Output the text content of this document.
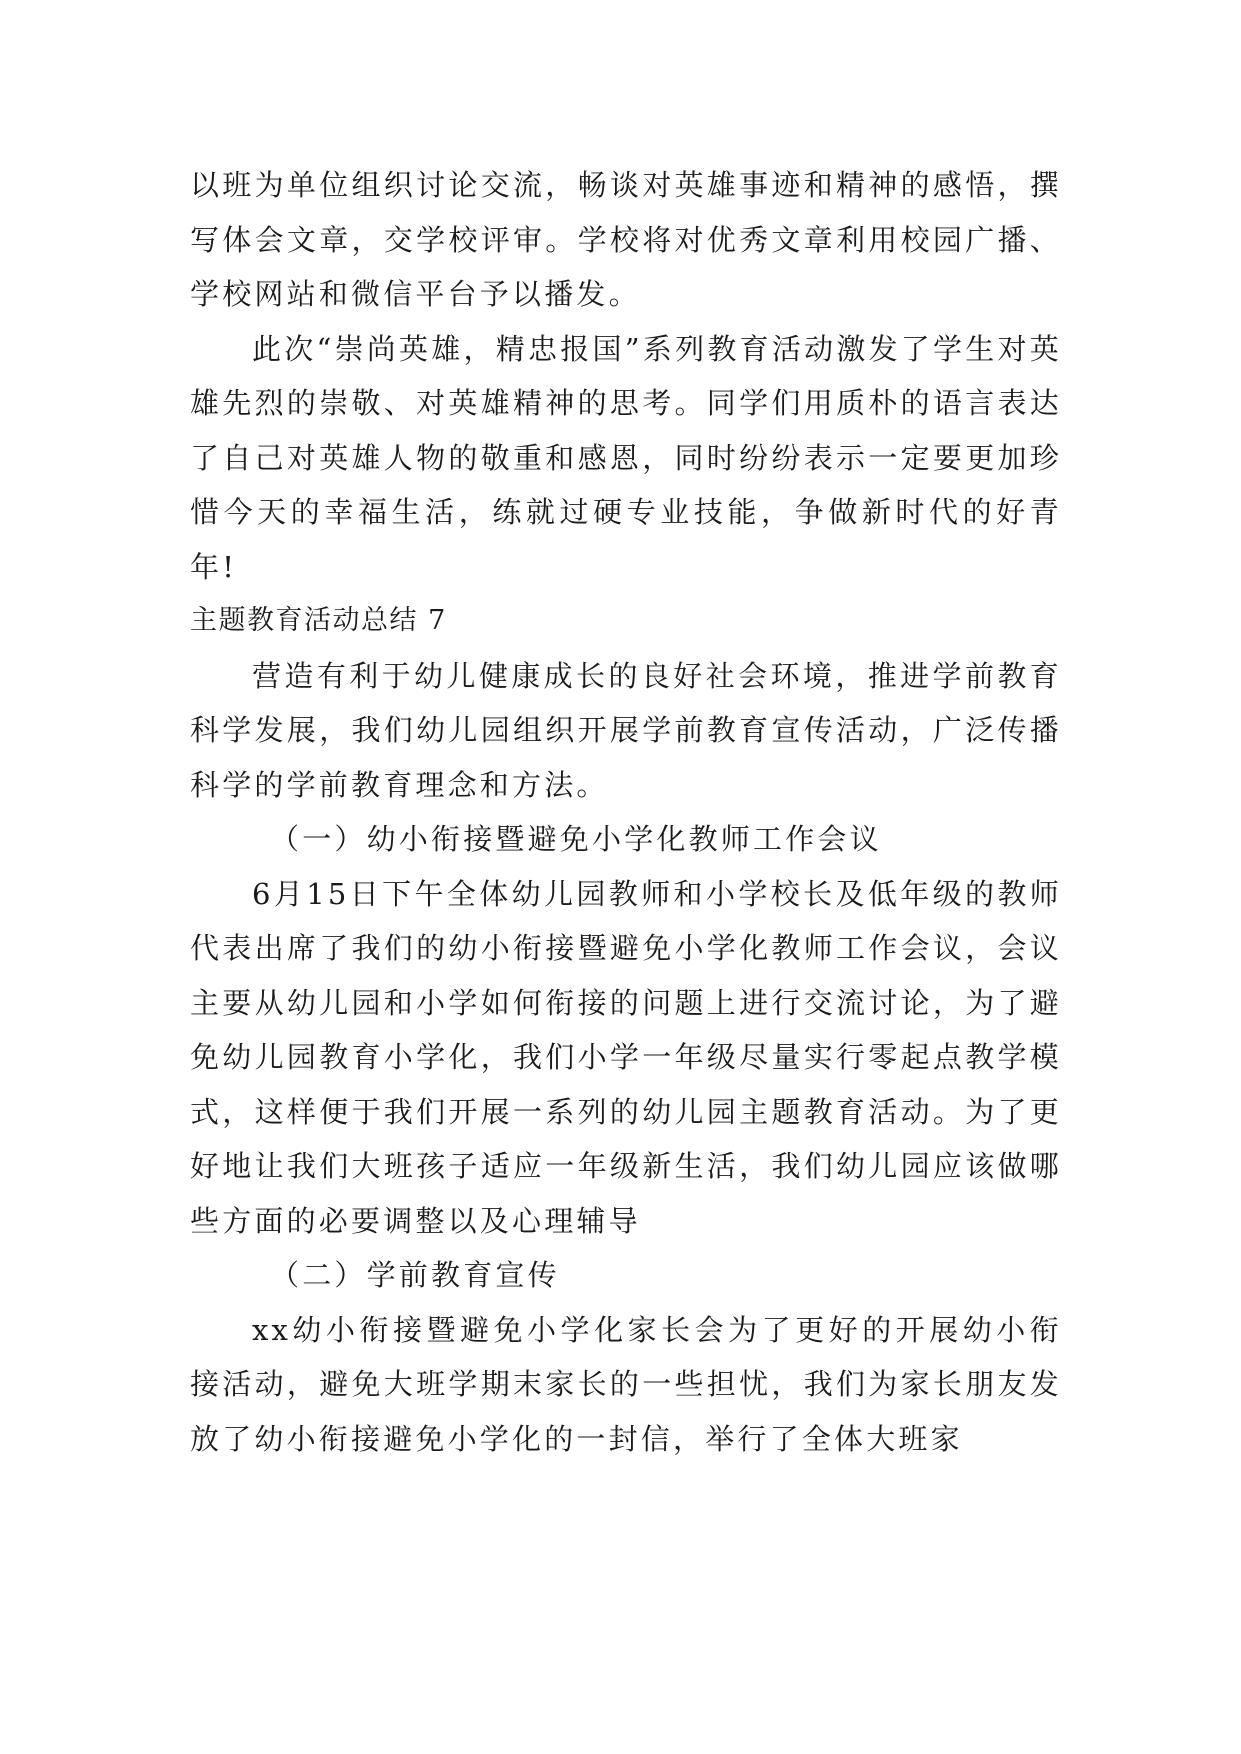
以班为单位组织讨论交流，畅谈对英雄事迹和精神的感悟，撰写体会文章，交学校评审。学校将对优秀文章利用校园广播、学校网站和微信平台予以播发。

此次“崇尚英雄，精忠报国”系列教育活动激发了学生对英雄先烈的崇敬、对英雄精神的思考。同学们用质朴的语言表达了自己对英雄人物的敬重和感恩，同时纷纷表示一定要更加珍惜今天的幸福生活，练就过硬专业技能，争做新时代的好青年!

主题教育活动总结 7

营造有利于幼儿健康成长的良好社会环境，推进学前教育科学发展，我们幼儿园组织开展学前教育宣传活动，广泛传播科学的学前教育理念和方法。

（一）幼小衔接暨避免小学化教师工作会议

6月15日下午全体幼儿园教师和小学校长及低年级的教师代表出席了我们的幼小衔接暨避免小学化教师工作会议，会议主要从幼儿园和小学如何衔接的问题上进行交流讨论，为了避免幼儿园教育小学化，我们小学一年级尽量实行零起点教学模式，这样便于我们开展一系列的幼儿园主题教育活动。为了更好地让我们大班孩子适应一年级新生活，我们幼儿园应该做哪些方面的必要调整以及心理辅导

（二）学前教育宣传

xx幼小衔接暨避免小学化家长会为了更好的开展幼小衔接活动，避免大班学期末家长的一些担忧，我们为家长朋友发放了幼小衔接避免小学化的一封信，举行了全体大班家
